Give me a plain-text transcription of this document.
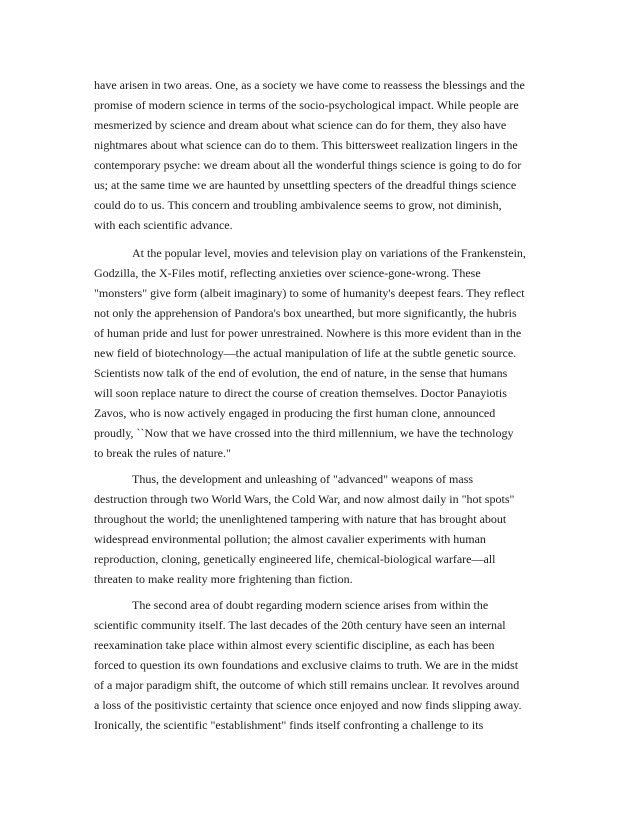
have arisen in two areas. One, as a society we have come to reassess the blessings and the
promise of modern science in terms of the socio-psychological impact. While people are
mesmerized by science and dream about what science can do for them, they also have
nightmares about what science can do to them. This bittersweet realization lingers in the
contemporary psyche: we dream about all the wonderful things science is going to do for
us; at the same time we are haunted by unsettling specters of the dreadful things science
could do to us. This concern and troubling ambivalence seems to grow, not diminish,
with each scientific advance.
At the popular level, movies and television play on variations of the Frankenstein,
Godzilla, the X-Files motif, reflecting anxieties over science-gone-wrong. These
"monsters" give form (albeit imaginary) to some of humanity's deepest fears. They reflect
not only the apprehension of Pandora's box unearthed, but more significantly, the hubris
of human pride and lust for power unrestrained. Nowhere is this more evident than in the
new field of biotechnology—the actual manipulation of life at the subtle genetic source.
Scientists now talk of the end of evolution, the end of nature, in the sense that humans
will soon replace nature to direct the course of creation themselves. Doctor Panayiotis
Zavos, who is now actively engaged in producing the first human clone, announced
proudly, ``Now that we have crossed into the third millennium, we have the technology
to break the rules of nature."
Thus, the development and unleashing of "advanced" weapons of mass
destruction through two World Wars, the Cold War, and now almost daily in "hot spots"
throughout the world; the unenlightened tampering with nature that has brought about
widespread environmental pollution; the almost cavalier experiments with human
reproduction, cloning, genetically engineered life, chemical-biological warfare—all
threaten to make reality more frightening than fiction.
The second area of doubt regarding modern science arises from within the
scientific community itself. The last decades of the 20th century have seen an internal
reexamination take place within almost every scientific discipline, as each has been
forced to question its own foundations and exclusive claims to truth. We are in the midst
of a major paradigm shift, the outcome of which still remains unclear. It revolves around
a loss of the positivistic certainty that science once enjoyed and now finds slipping away.
Ironically, the scientific "establishment" finds itself confronting a challenge to its
